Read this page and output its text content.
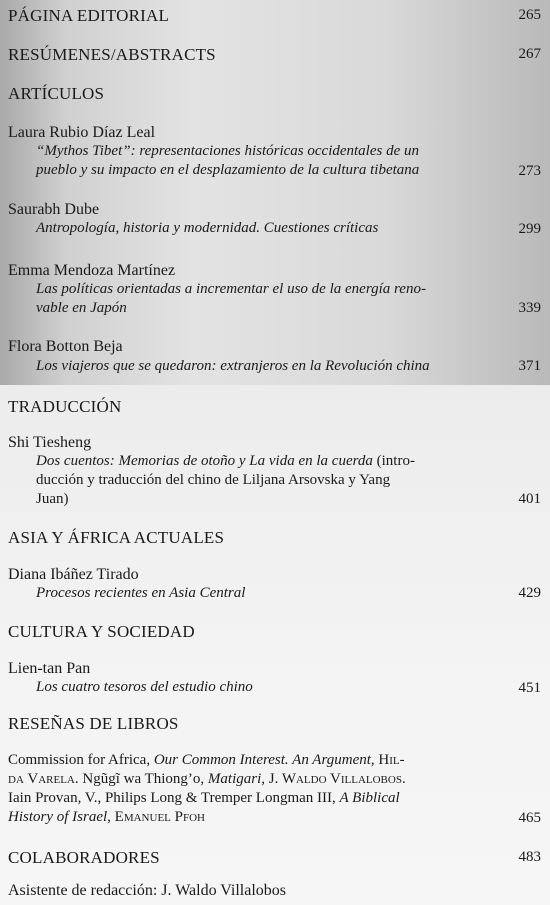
PÁGINA EDITORIAL	265
RESÚMENES/ABSTRACTS	267
ARTÍCULOS
Laura Rubio Díaz Leal
“Mythos Tibet”: representaciones históricas occidentales de un
pueblo y su impacto en el desplazamiento de la cultura tibetana	273
Saurabh Dube
Antropología, historia y modernidad. Cuestiones críticas	299
Emma Mendoza Martínez
Las políticas orientadas a incrementar el uso de la energía reno-
vable en Japón	339
Flora Botton Beja
Los viajeros que se quedaron: extranjeros en la Revolución china	371
TRADUCCIÓN
Shi Tiesheng
Dos cuentos: Memorias de otoño y La vida en la cuerda (intro-
ducción y traducción del chino de Liljana Arsovska y Yang
Juan)	401
ASIA Y ÁFRICA ACTUALES
Diana Ibáñez Tirado
Procesos recientes en Asia Central	429
CULTURA Y SOCIEDAD
Lien-tan Pan
Los cuatro tesoros del estudio chino	451
RESEÑAS DE LIBROS
Commission for Africa, Our Common Interest. An Argument, Hil-
da Varela. Ngũgĩ wa Thiong’o, Matigari, J. Waldo Villalobos.
Iain Provan, V., Philips Long & Tremper Longman III, A Biblical
History of Israel, Emanuel Pfoh	465
COLABORADORES	483
Asistente de redacción: J. Waldo Villalobos
